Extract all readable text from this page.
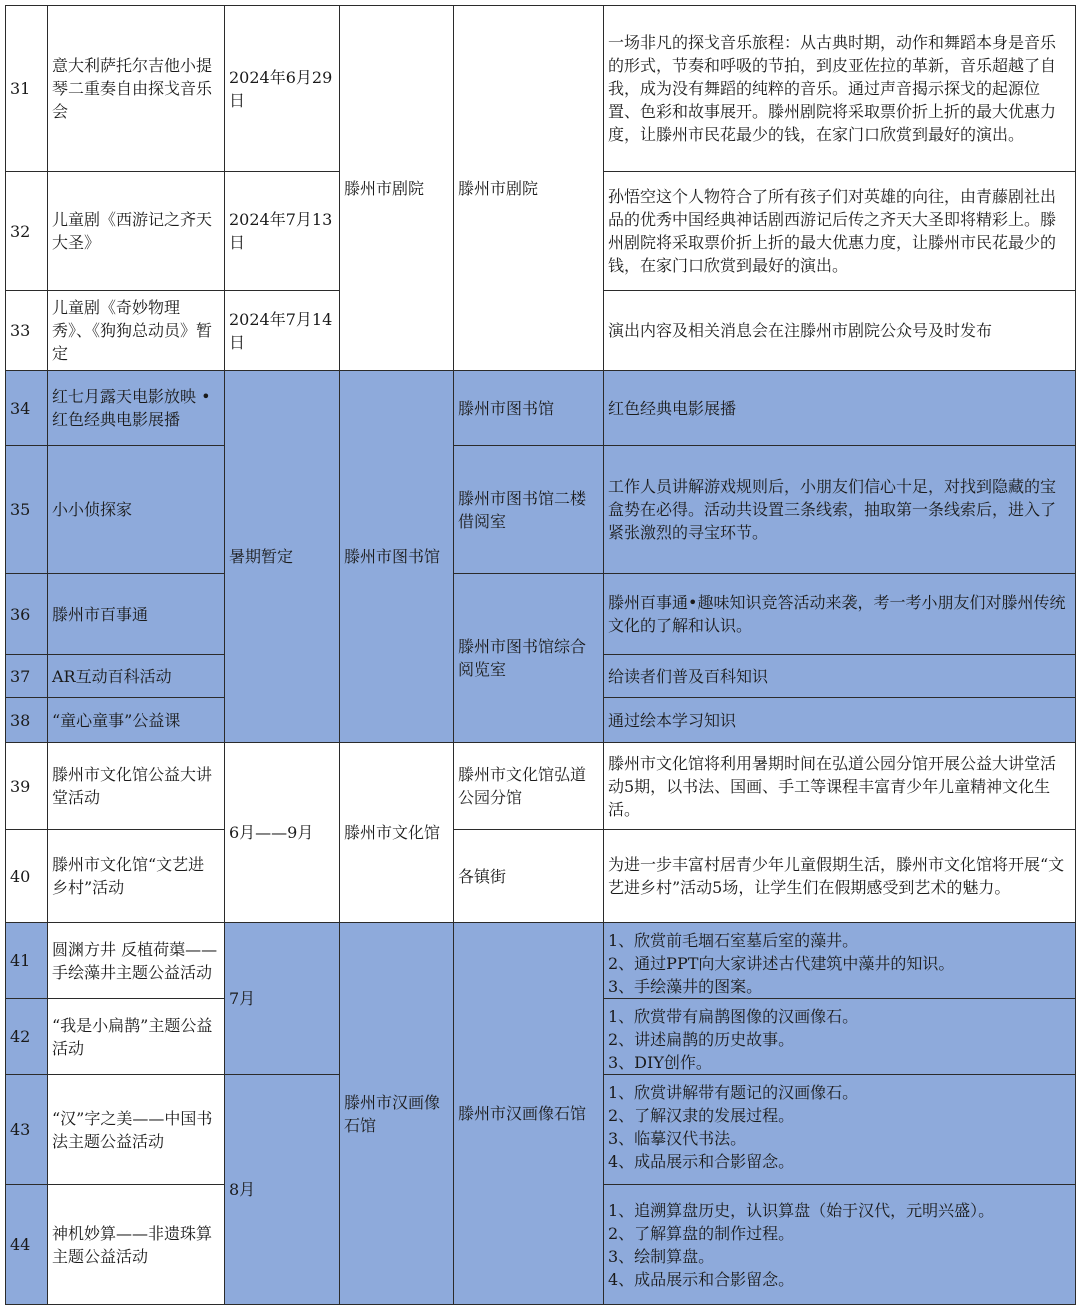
31	意大利萨托尔吉他小提琴二重奏自由探戈音乐会	2024年6月29日	滕州市剧院	滕州市剧院	一场非凡的探戈音乐旅程：从古典时期，动作和舞蹈本身是音乐的形式，节奏和呼吸的节拍，到皮亚佐拉的革新，音乐超越了自我，成为没有舞蹈的纯粹的音乐。通过声音揭示探戈的起源位置、色彩和故事展开。滕州剧院将采取票价折上折的最大优惠力度，让滕州市民花最少的钱，在家门口欣赏到最好的演出。
32	儿童剧《西游记之齐天大圣》	2024年7月13日			孙悟空这个人物符合了所有孩子们对英雄的向往，由青藤剧社出品的优秀中国经典神话剧西游记后传之齐天大圣即将精彩上。滕州剧院将采取票价折上折的最大优惠力度，让滕州市民花最少的钱，在家门口欣赏到最好的演出。
33	儿童剧《奇妙物理秀》、《狗狗总动员》暂定	2024年7月14日			演出内容及相关消息会在注滕州市剧院公众号及时发布
34	红七月露天电影放映 • 红色经典电影展播	暑期暂定	滕州市图书馆	滕州市图书馆	红色经典电影展播
35	小小侦探家			滕州市图书馆二楼借阅室	工作人员讲解游戏规则后，小朋友们信心十足，对找到隐藏的宝盒势在必得。活动共设置三条线索，抽取第一条线索后，进入了紧张激烈的寻宝环节。
36	滕州市百事通			滕州市图书馆综合阅览室	滕州百事通•趣味知识竞答活动来袭，考一考小朋友们对滕州传统文化的了解和认识。
37	AR互动百科活动				给读者们普及百科知识
38	“童心童事”公益课				通过绘本学习知识
39	滕州市文化馆公益大讲堂活动	6月——9月	滕州市文化馆	滕州市文化馆弘道公园分馆	滕州市文化馆将利用暑期时间在弘道公园分馆开展公益大讲堂活动5期，以书法、国画、手工等课程丰富青少年儿童精神文化生活。
40	滕州市文化馆“文艺进乡村”活动			各镇街	为进一步丰富村居青少年儿童假期生活，滕州市文化馆将开展“文艺进乡村”活动5场，让学生们在假期感受到艺术的魅力。
41	圆渊方井 反植荷蕖——手绘藻井主题公益活动	7月	滕州市汉画像石馆	滕州市汉画像石馆	1、欣赏前毛堌石室墓后室的藻井。
2、通过PPT向大家讲述古代建筑中藻井的知识。
3、手绘藻井的图案。
42	“我是小扁鹊”主题公益活动				1、欣赏带有扁鹊图像的汉画像石。
2、讲述扁鹊的历史故事。
3、DIY创作。
43	“汉”字之美——中国书法主题公益活动	8月			1、欣赏讲解带有题记的汉画像石。
2、了解汉隶的发展过程。
3、临摹汉代书法。
4、成品展示和合影留念。
44	神机妙算——非遗珠算主题公益活动				1、追溯算盘历史，认识算盘（始于汉代，元明兴盛）。
2、了解算盘的制作过程。
3、绘制算盘。
4、成品展示和合影留念。
